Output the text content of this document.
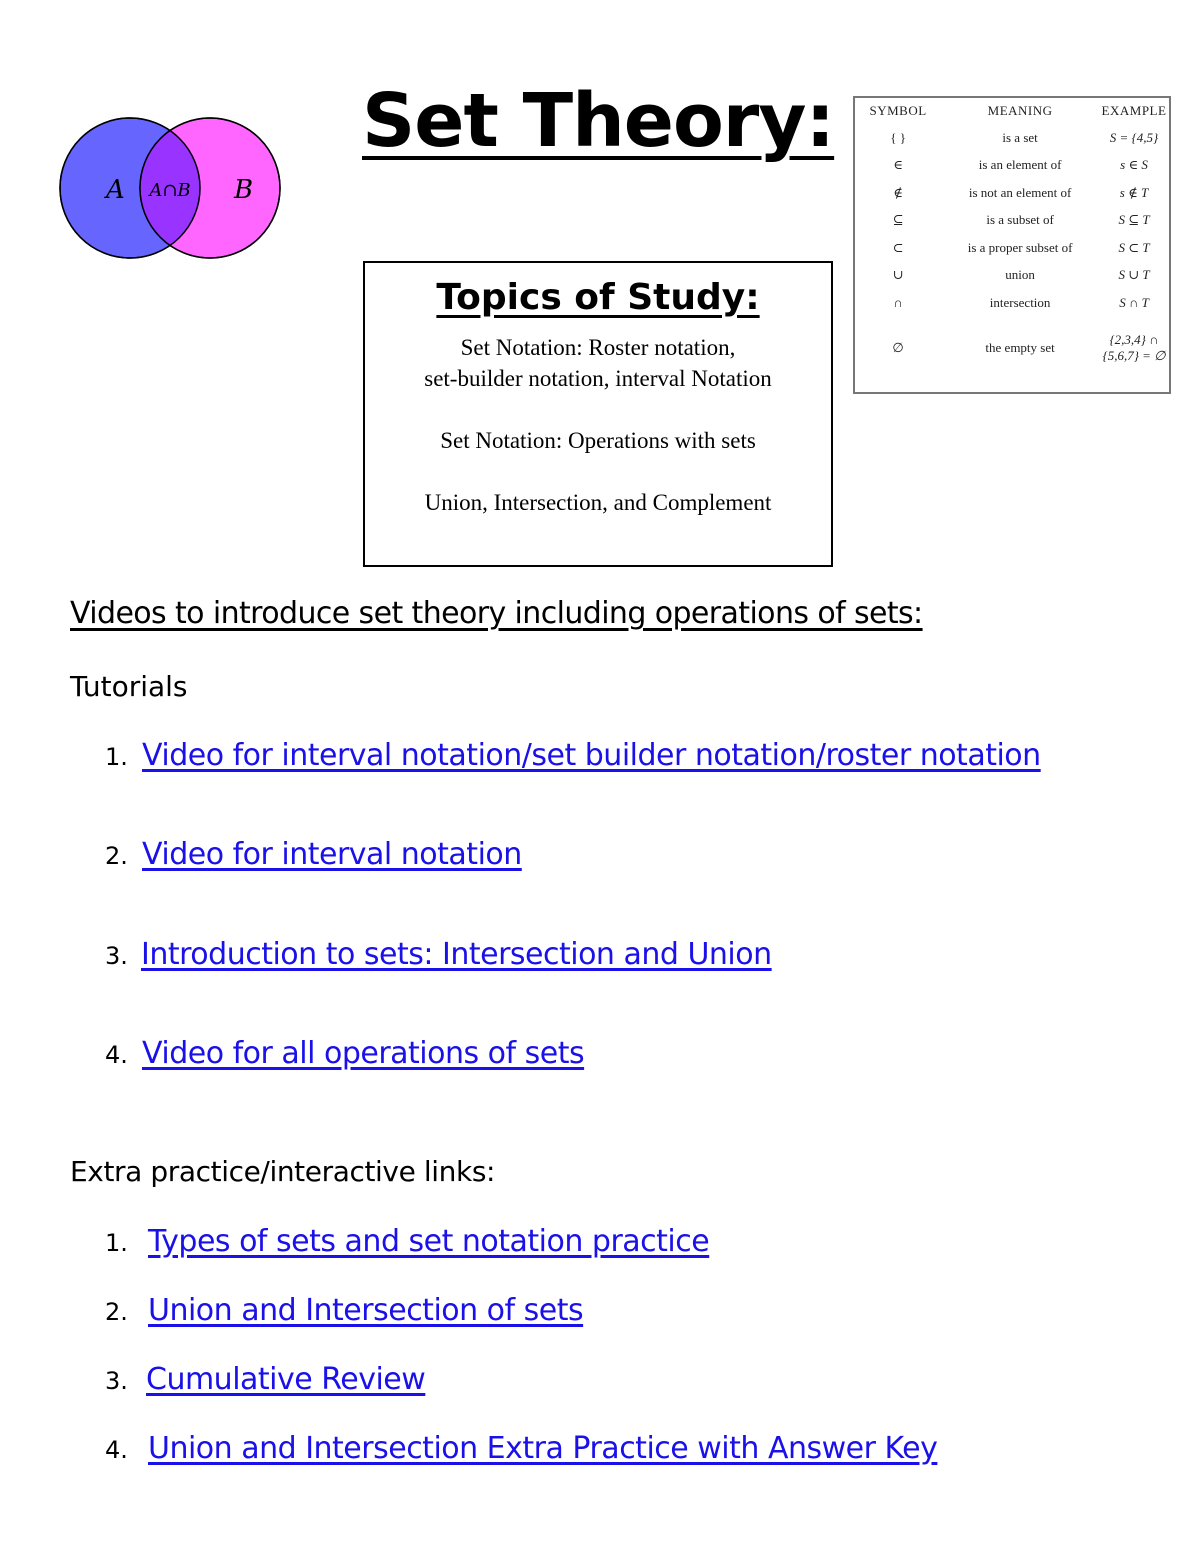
A A∩B B
Set Theory:
Topics of Study:

Set Notation: Roster notation,

set-builder notation, interval Notation

Set Notation: Operations with sets

Union, Intersection, and Complement

SYMBOL	MEANING	EXAMPLE
{ }	is a set	S = {4,5}
∈	is an element of	s ∈ S
∉	is not an element of	s ∉ T
⊆	is a subset of	S ⊆ T
⊂	is a proper subset of	S ⊂ T
∪	union	S ∪ T
∩	intersection	S ∩ T
∅	the empty set	{2,3,4} ∩ {5,6,7} = ∅
Videos to introduce set theory including operations of sets:
Tutorials
1. Video for interval notation/set builder notation/roster notation
2. Video for interval notation
3. Introduction to sets: Intersection and Union
4. Video for all operations of sets
Extra practice/interactive links:
1. Types of sets and set notation practice
2. Union and Intersection of sets
3. Cumulative Review
4. Union and Intersection Extra Practice with Answer Key
